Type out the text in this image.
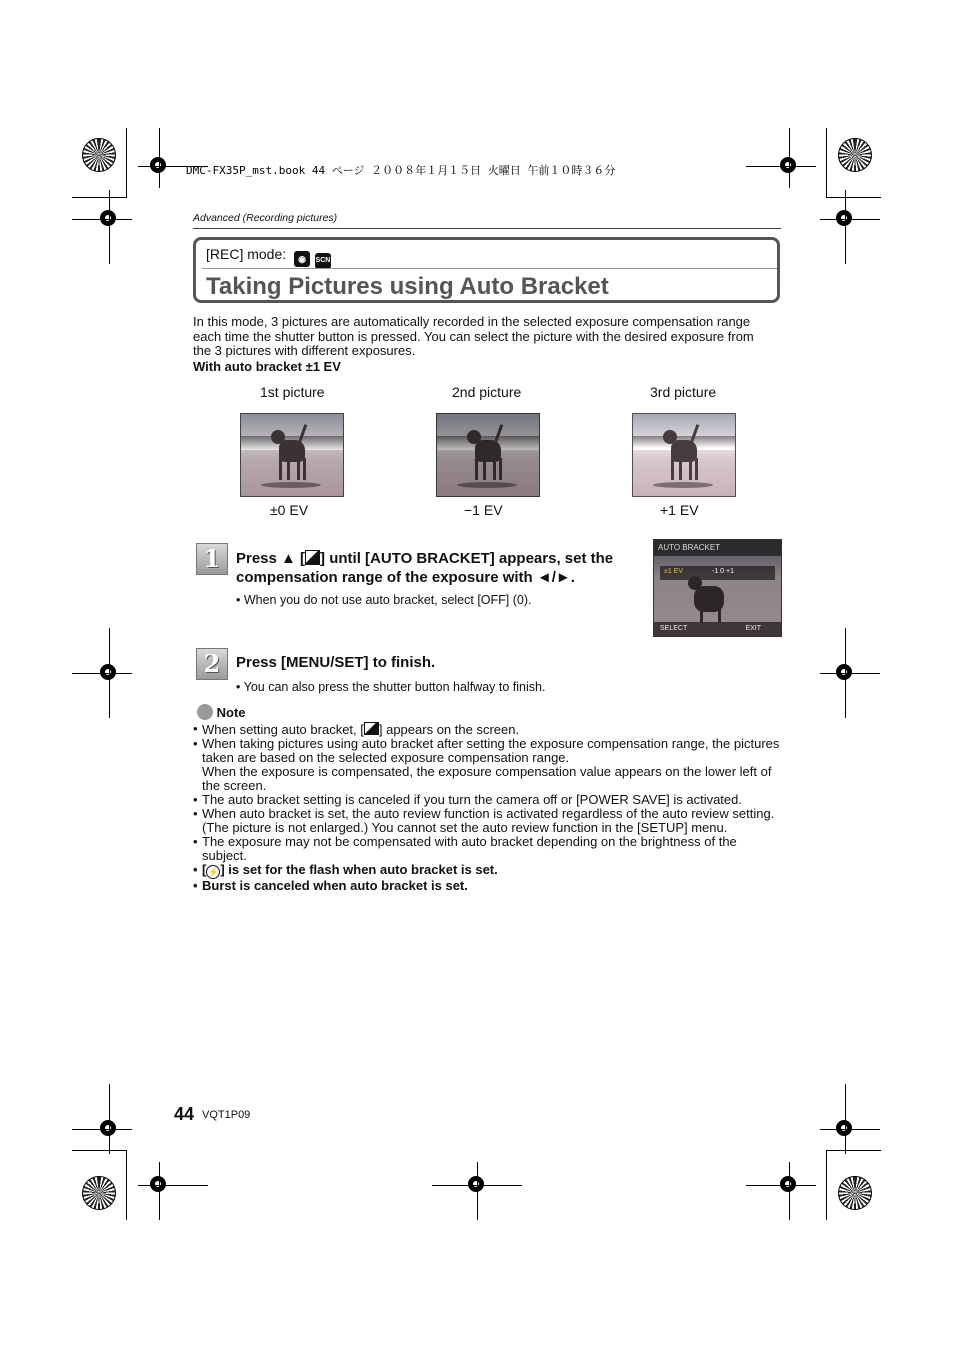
DMC-FX35P_mst.book 44 ページ ２００８年１月１５日 火曜日 午前１０時３６分
Advanced (Recording pictures)
[REC] mode: ◉ SCN
Taking Pictures using Auto Bracket
In this mode, 3 pictures are automatically recorded in the selected exposure compensation range each time the shutter button is pressed. You can select the picture with the desired exposure from the 3 pictures with different exposures.
With auto bracket ±1 EV
1st picture	2nd picture	3rd picture
±0 EV	−1 EV	+1 EV
1	Press ▲ [ ] until [AUTO BRACKET] appears, set the compensation range of the exposure with ◄/►.
• When you do not use auto bracket, select [OFF] (0).
AUTO BRACKET
±1 EV	-1 0 +1
SELECT	EXIT
2	Press [MENU/SET] to finish.
• You can also press the shutter button halfway to finish.
Note
• When setting auto bracket, [ ] appears on the screen.
• When taking pictures using auto bracket after setting the exposure compensation range, the pictures taken are based on the selected exposure compensation range.
When the exposure is compensated, the exposure compensation value appears on the lower left of the screen.
• The auto bracket setting is canceled if you turn the camera off or [POWER SAVE] is activated.
• When auto bracket is set, the auto review function is activated regardless of the auto review setting. (The picture is not enlarged.) You cannot set the auto review function in the [SETUP] menu.
• The exposure may not be compensated with auto bracket depending on the brightness of the subject.
• [⚡] is set for the flash when auto bracket is set.
• Burst is canceled when auto bracket is set.
44 VQT1P09
